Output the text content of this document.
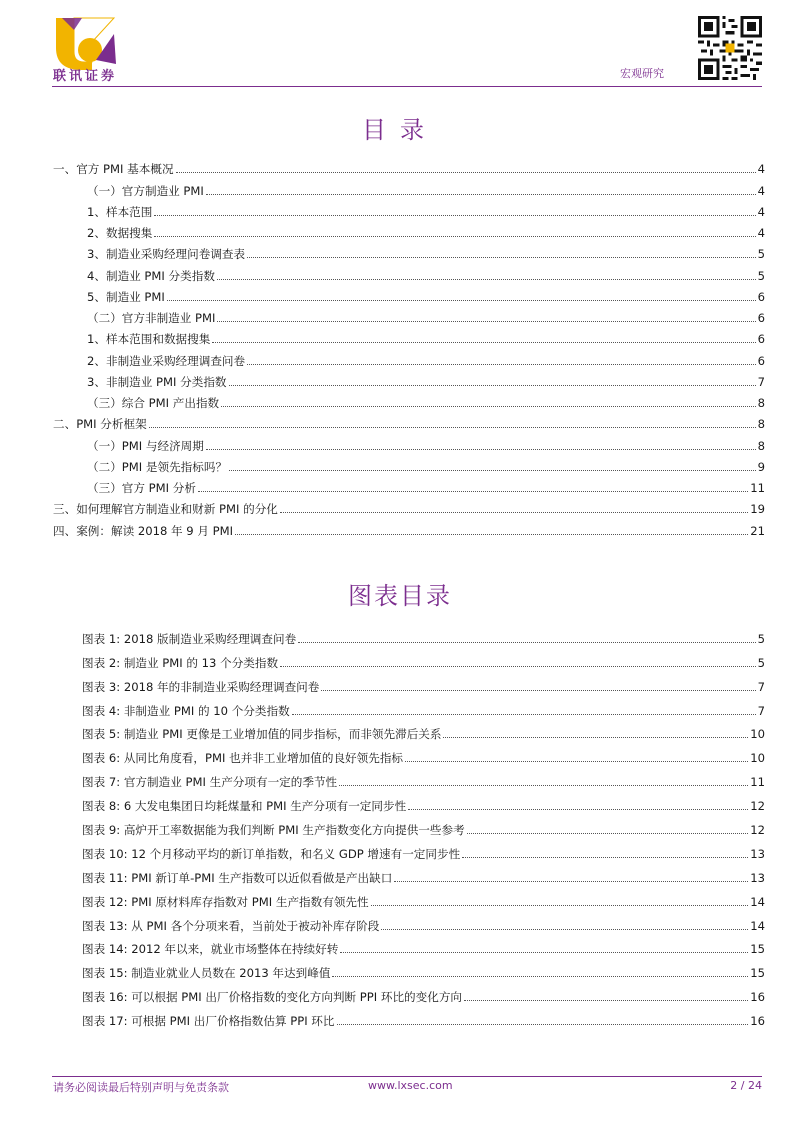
联讯证券	宏观研究
目录
一、官方 PMI 基本概况	4
（一）官方制造业 PMI	4
1、样本范围	4
2、数据搜集	4
3、制造业采购经理问卷调查表	5
4、制造业 PMI 分类指数	5
5、制造业 PMI	6
（二）官方非制造业 PMI	6
1、样本范围和数据搜集	6
2、非制造业采购经理调查问卷	6
3、非制造业 PMI 分类指数	7
（三）综合 PMI 产出指数	8
二、PMI 分析框架	8
（一）PMI 与经济周期	8
（二）PMI 是领先指标吗？	9
（三）官方 PMI 分析	11
三、如何理解官方制造业和财新 PMI 的分化	19
四、案例：解读 2018 年 9 月 PMI	21
图表目录
图表 1: 2018 版制造业采购经理调查问卷	5
图表 2: 制造业 PMI 的 13 个分类指数	5
图表 3: 2018 年的非制造业采购经理调查问卷	7
图表 4: 非制造业 PMI 的 10 个分类指数	7
图表 5: 制造业 PMI 更像是工业增加值的同步指标，而非领先滞后关系	10
图表 6: 从同比角度看，PMI 也并非工业增加值的良好领先指标	10
图表 7: 官方制造业 PMI 生产分项有一定的季节性	11
图表 8: 6 大发电集团日均耗煤量和 PMI 生产分项有一定同步性	12
图表 9: 高炉开工率数据能为我们判断 PMI 生产指数变化方向提供一些参考	12
图表 10: 12 个月移动平均的新订单指数，和名义 GDP 增速有一定同步性	13
图表 11: PMI 新订单-PMI 生产指数可以近似看做是产出缺口	13
图表 12: PMI 原材料库存指数对 PMI 生产指数有领先性	14
图表 13: 从 PMI 各个分项来看，当前处于被动补库存阶段	14
图表 14: 2012 年以来，就业市场整体在持续好转	15
图表 15: 制造业就业人员数在 2013 年达到峰值	15
图表 16: 可以根据 PMI 出厂价格指数的变化方向判断 PPI 环比的变化方向	16
图表 17: 可根据 PMI 出厂价格指数估算 PPI 环比	16
请务必阅读最后特别声明与免责条款	www.lxsec.com	2 / 24
